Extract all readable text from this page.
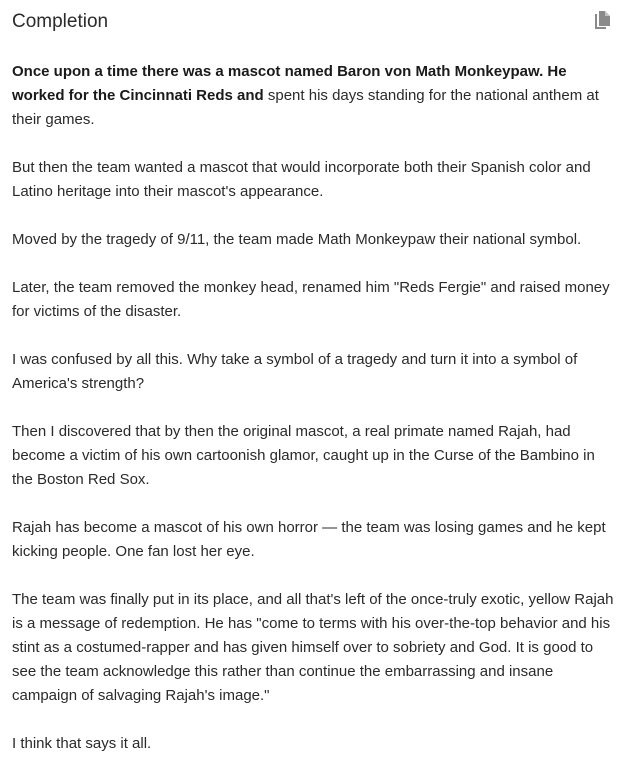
Completion

Once upon a time there was a mascot named Baron von Math Monkeypaw. He worked for the Cincinnati Reds and spent his days standing for the national anthem at their games.

But then the team wanted a mascot that would incorporate both their Spanish color and Latino heritage into their mascot's appearance.

Moved by the tragedy of 9/11, the team made Math Monkeypaw their national symbol.

Later, the team removed the monkey head, renamed him "Reds Fergie" and raised money for victims of the disaster.

I was confused by all this. Why take a symbol of a tragedy and turn it into a symbol of America's strength?

Then I discovered that by then the original mascot, a real primate named Rajah, had become a victim of his own cartoonish glamor, caught up in the Curse of the Bambino in the Boston Red Sox.

Rajah has become a mascot of his own horror — the team was losing games and he kept kicking people. One fan lost her eye.

The team was finally put in its place, and all that's left of the once-truly exotic, yellow Rajah is a message of redemption. He has "come to terms with his over-the-top behavior and his stint as a costumed-rapper and has given himself over to sobriety and God. It is good to see the team acknowledge this rather than continue the embarrassing and insane campaign of salvaging Rajah's image."

I think that says it all.
